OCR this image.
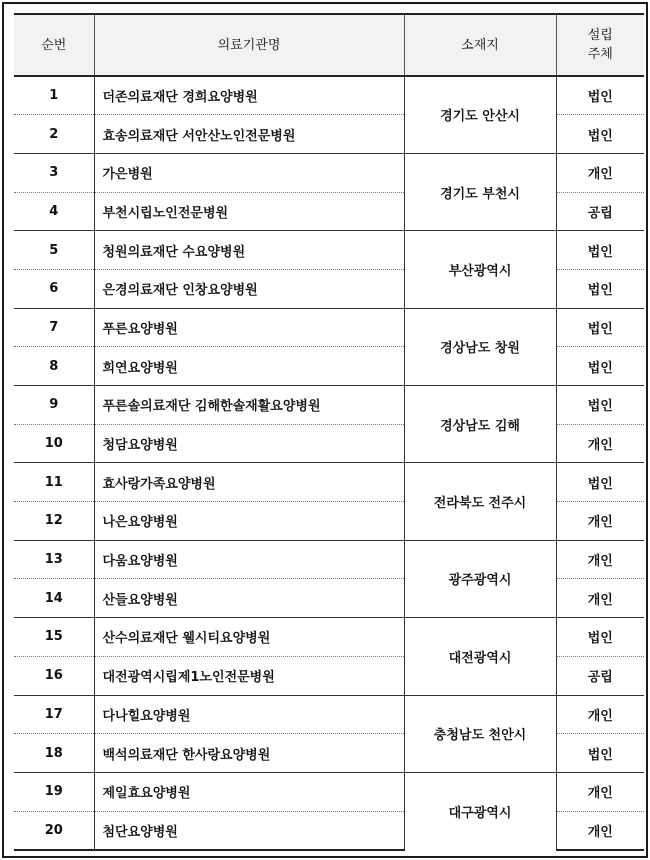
순번	의료기관명	소재지	설립
주체

1	더존의료재단 경희요양병원	경기도 안산시	법인
2	효송의료재단 서안산노인전문병원		법인
3	가은병원	경기도 부천시	개인
4	부천시립노인전문병원		공립
5	청원의료재단 수요양병원	부산광역시	법인
6	은경의료재단 인창요양병원		법인
7	푸른요양병원	경상남도 창원	법인
8	희연요양병원		법인
9	푸른솔의료재단 김해한솔재활요양병원	경상남도 김해	법인
10	청담요양병원		개인
11	효사랑가족요양병원	전라북도 전주시	법인
12	나은요양병원		개인
13	다움요양병원	광주광역시	개인
14	산들요양병원		개인
15	산수의료재단 웰시티요양병원	대전광역시	법인
16	대전광역시립제1노인전문병원		공립
17	다나힐요양병원	충청남도 천안시	개인
18	백석의료재단 한사랑요양병원		법인
19	제일효요양병원	대구광역시	개인
20	첨단요양병원		개인
